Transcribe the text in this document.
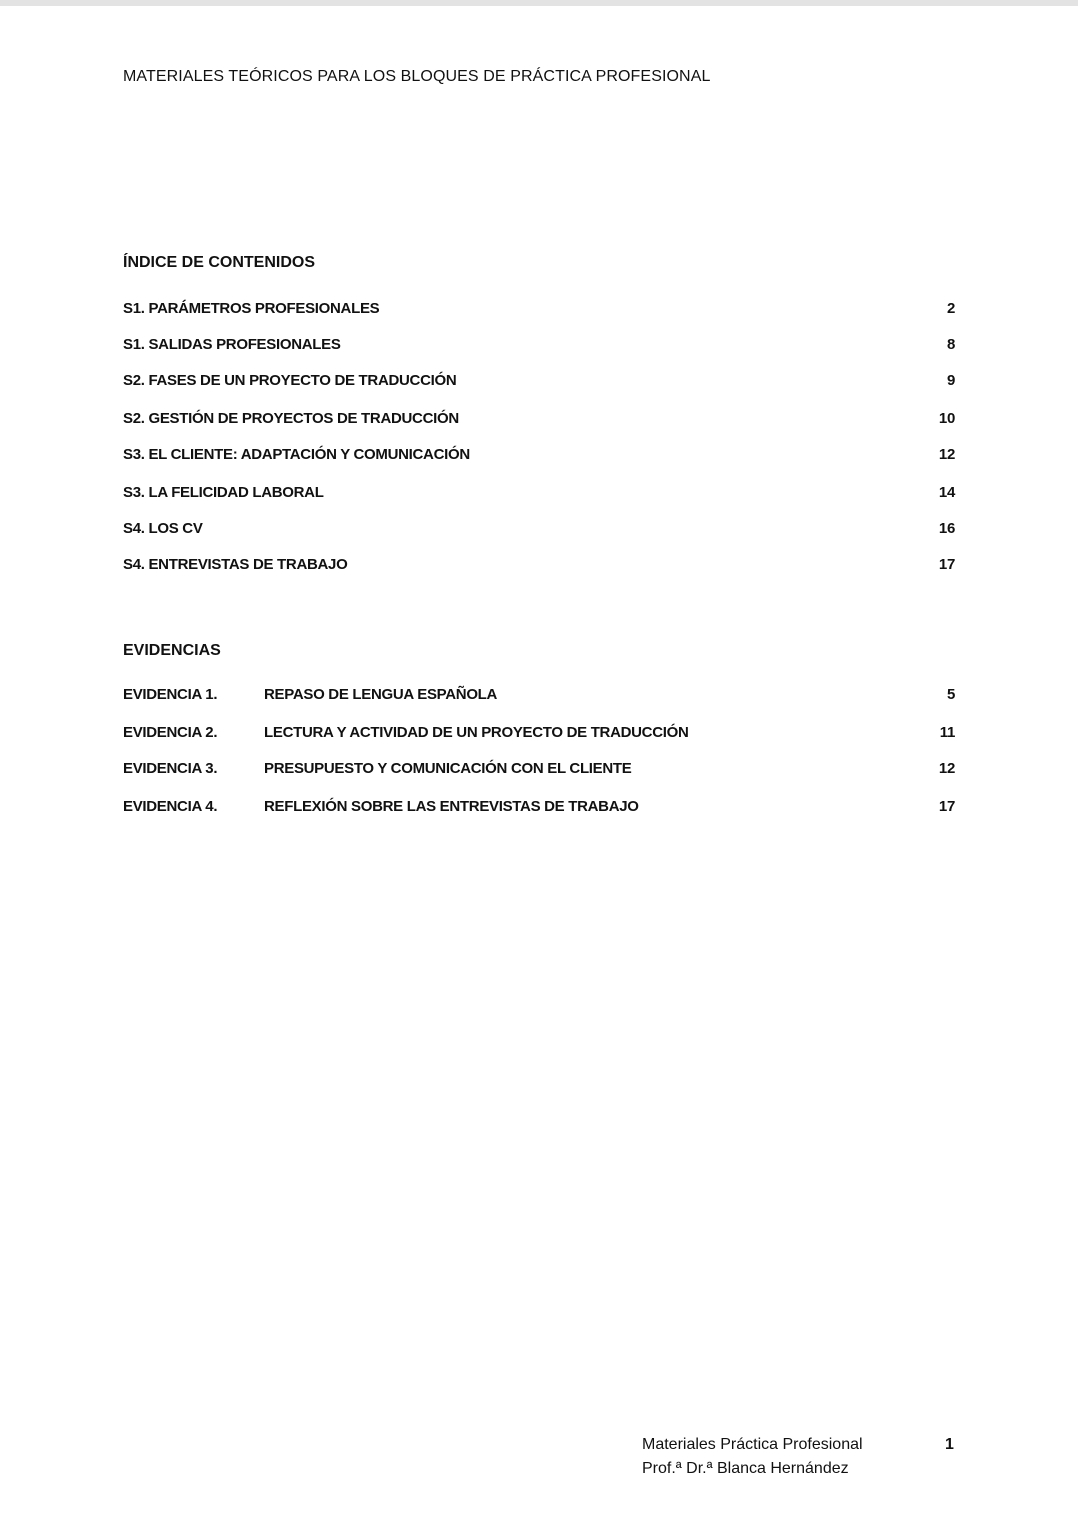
MATERIALES TEÓRICOS PARA LOS BLOQUES DE PRÁCTICA PROFESIONAL
ÍNDICE DE CONTENIDOS
S1. PARÁMETROS PROFESIONALES	2
S1. SALIDAS PROFESIONALES	8
S2. FASES DE UN PROYECTO DE TRADUCCIÓN	9
S2. GESTIÓN DE PROYECTOS DE TRADUCCIÓN	10
S3. EL CLIENTE: ADAPTACIÓN Y COMUNICACIÓN	12
S3. LA FELICIDAD LABORAL	14
S4. LOS CV	16
S4. ENTREVISTAS DE TRABAJO	17
EVIDENCIAS
EVIDENCIA 1.	REPASO DE LENGUA ESPAÑOLA	5
EVIDENCIA 2.	LECTURA Y ACTIVIDAD DE UN PROYECTO DE TRADUCCIÓN	11
EVIDENCIA 3.	PRESUPUESTO Y COMUNICACIÓN CON EL CLIENTE	12
EVIDENCIA 4.	REFLEXIÓN SOBRE LAS ENTREVISTAS DE TRABAJO	17
Materiales Práctica Profesional
Prof.ª Dr.ª Blanca Hernández
1
